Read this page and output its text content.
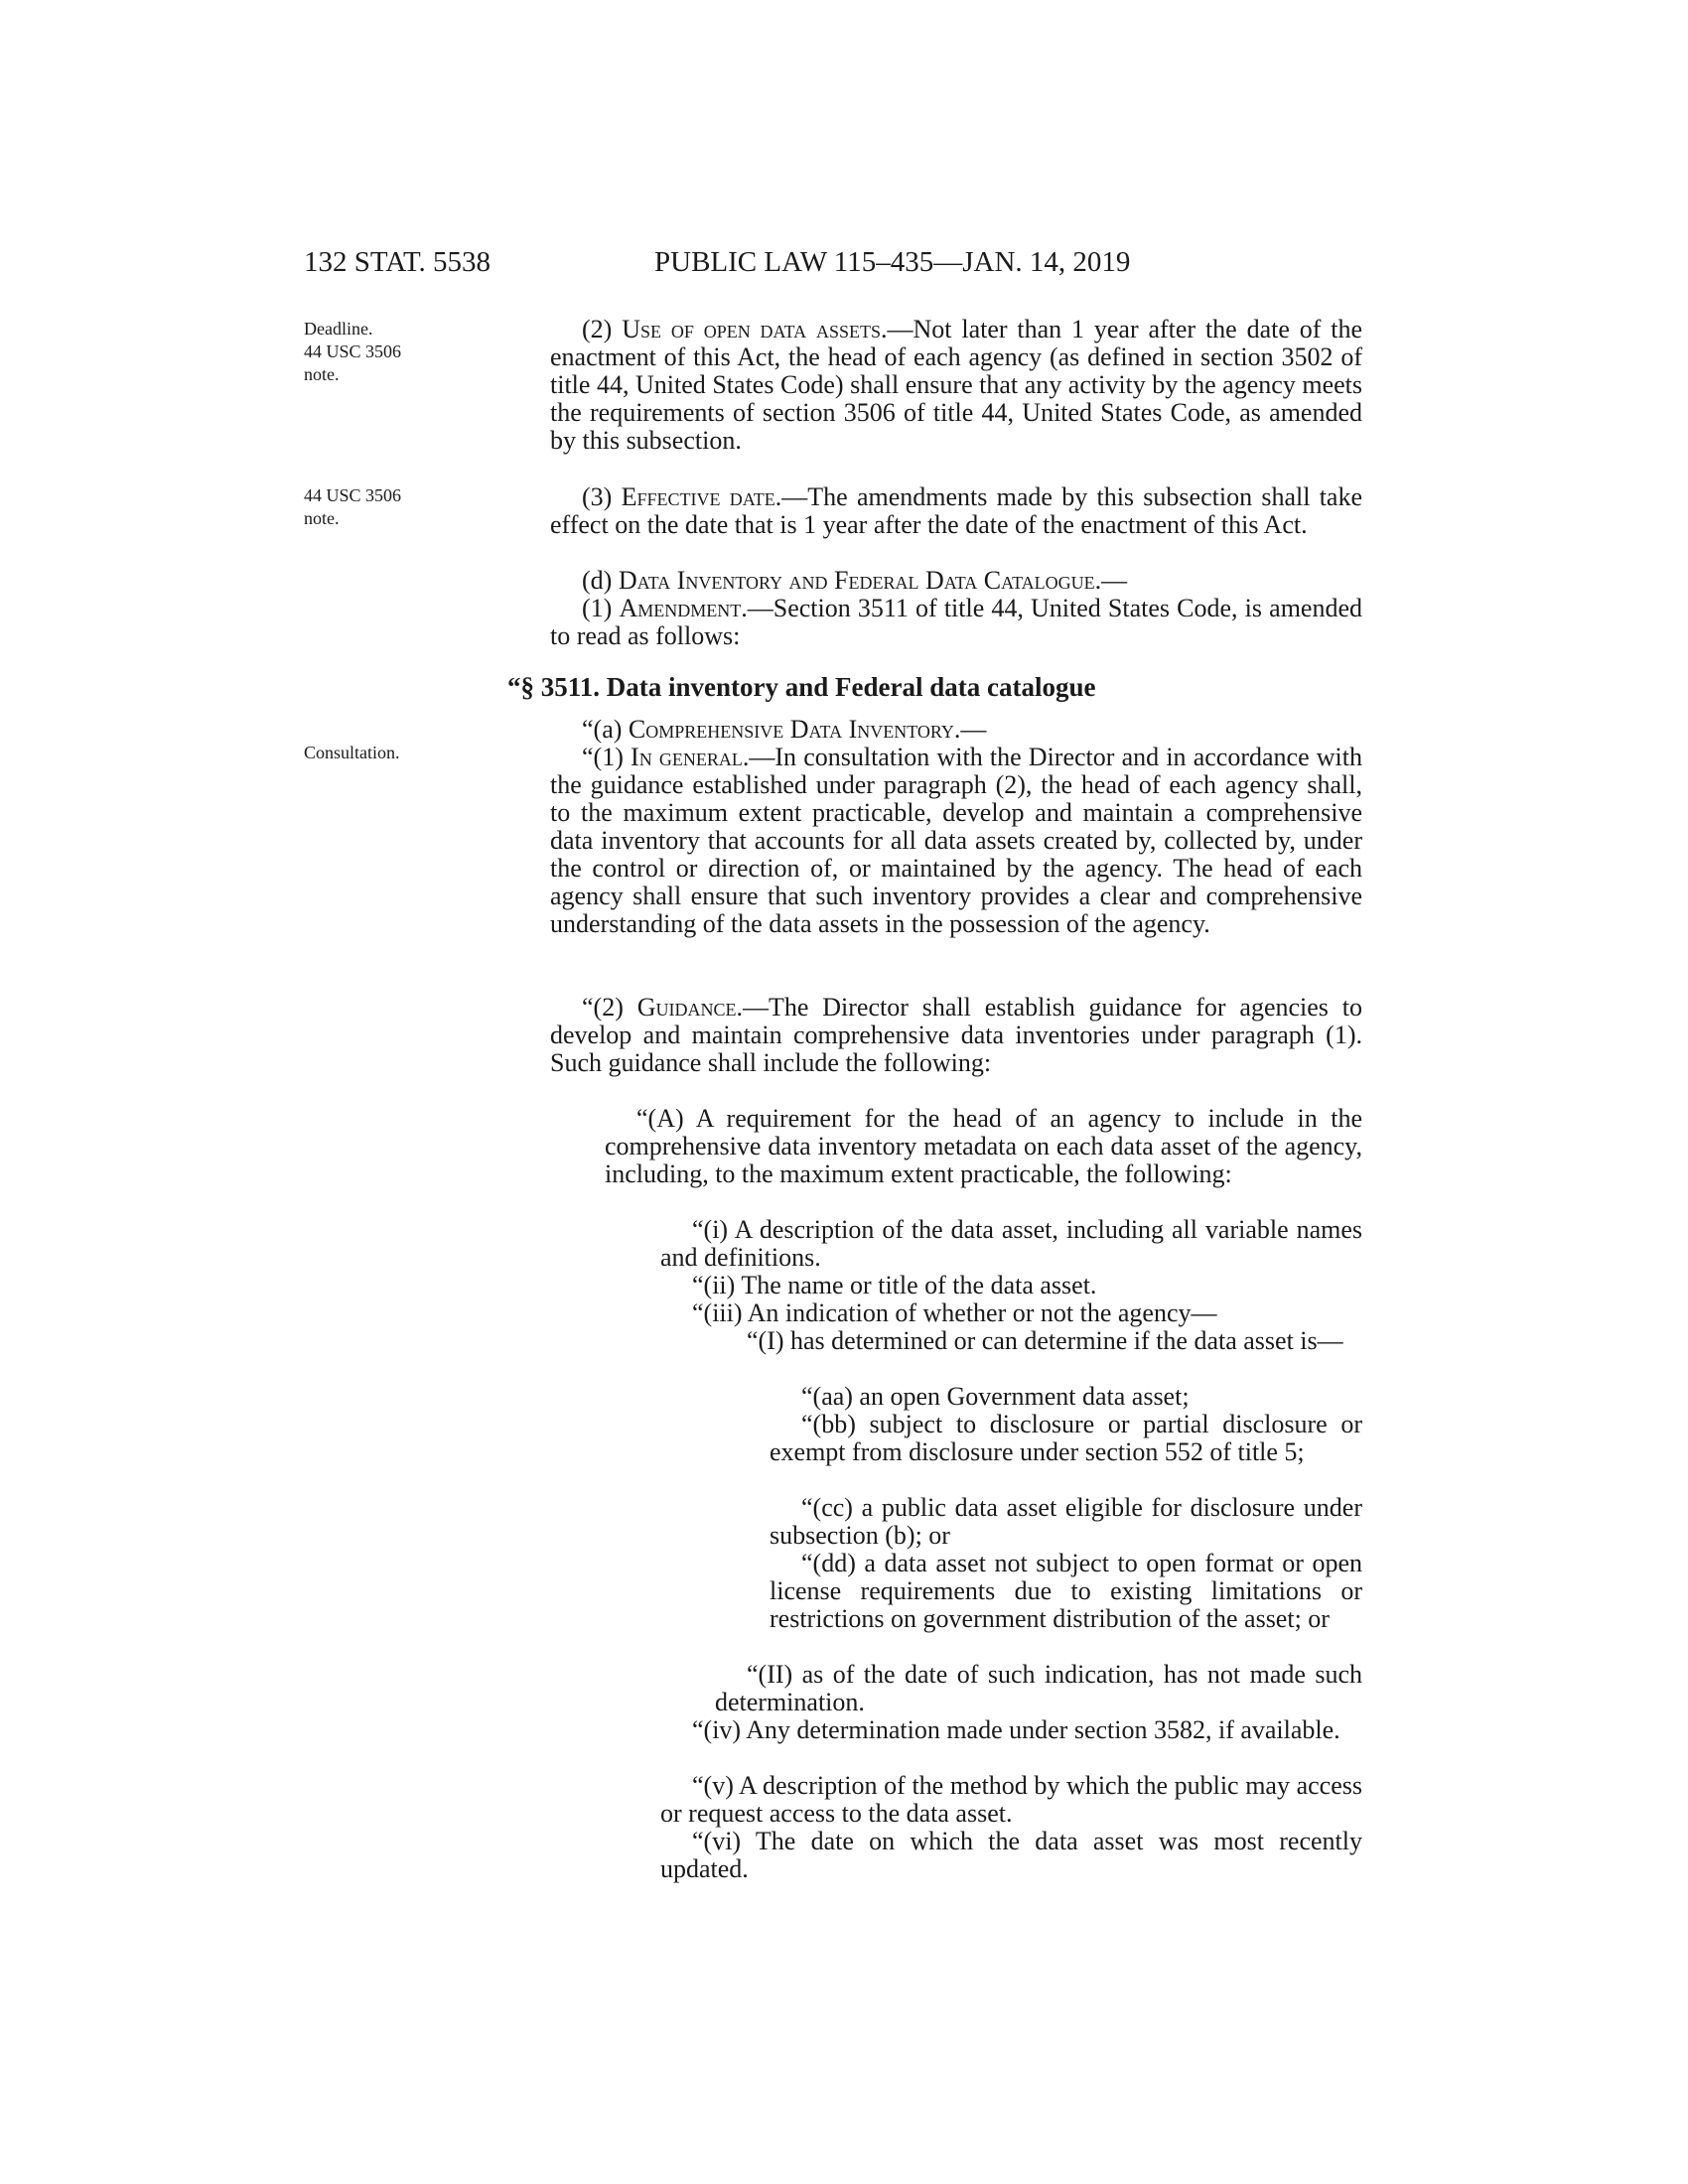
132 STAT. 5538	PUBLIC LAW 115–435—JAN. 14, 2019
Deadline.
44 USC 3506
note.
44 USC 3506
note.
Consultation.

(2) Use of open data assets.—Not later than 1 year after the date of the enactment of this Act, the head of each agency (as defined in section 3502 of title 44, United States Code) shall ensure that any activity by the agency meets the requirements of section 3506 of title 44, United States Code, as amended by this subsection.

(3) Effective date.—The amendments made by this subsection shall take effect on the date that is 1 year after the date of the enactment of this Act.

(d) Data Inventory and Federal Data Catalogue.—

(1) Amendment.—Section 3511 of title 44, United States Code, is amended to read as follows:

“§ 3511. Data inventory and Federal data catalogue

“(a) Comprehensive Data Inventory.—

“(1) In general.—In consultation with the Director and in accordance with the guidance established under paragraph (2), the head of each agency shall, to the maximum extent practicable, develop and maintain a comprehensive data inventory that accounts for all data assets created by, collected by, under the control or direction of, or maintained by the agency. The head of each agency shall ensure that such inventory provides a clear and comprehensive understanding of the data assets in the possession of the agency.

“(2) Guidance.—The Director shall establish guidance for agencies to develop and maintain comprehensive data inventories under paragraph (1). Such guidance shall include the following:

“(A) A requirement for the head of an agency to include in the comprehensive data inventory metadata on each data asset of the agency, including, to the maximum extent practicable, the following:

“(i) A description of the data asset, including all variable names and definitions.

“(ii) The name or title of the data asset.

“(iii) An indication of whether or not the agency—

“(I) has determined or can determine if the data asset is—

“(aa) an open Government data asset;

“(bb) subject to disclosure or partial disclosure or exempt from disclosure under section 552 of title 5;

“(cc) a public data asset eligible for disclosure under subsection (b); or

“(dd) a data asset not subject to open format or open license requirements due to existing limitations or restrictions on government distribution of the asset; or

“(II) as of the date of such indication, has not made such determination.

“(iv) Any determination made under section 3582, if available.

“(v) A description of the method by which the public may access or request access to the data asset.

“(vi) The date on which the data asset was most recently updated.
